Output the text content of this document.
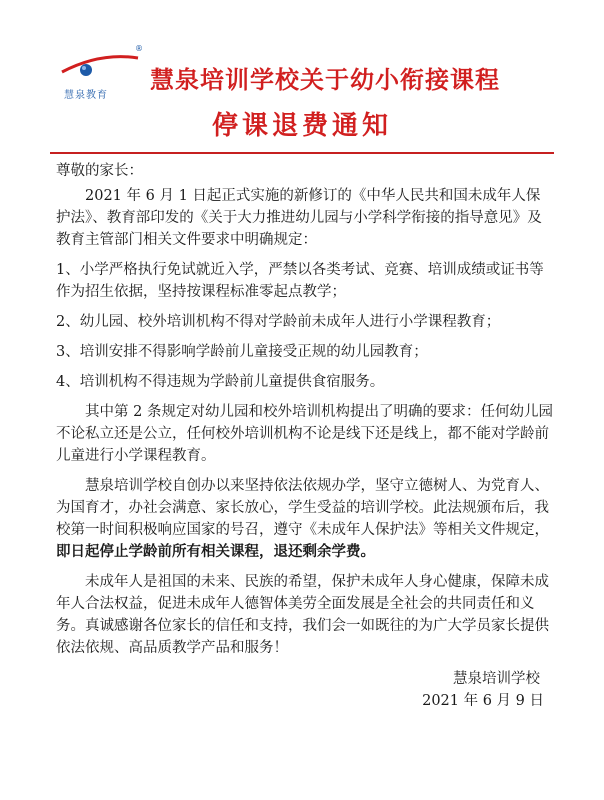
慧泉教育
®
慧泉培训学校关于幼小衔接课程
停课退费通知

尊敬的家长：

2021 年 6 月 1 日起正式实施的新修订的《中华人民共和国未成年人保护法》、教育部印发的《关于大力推进幼儿园与小学科学衔接的指导意见》及教育主管部门相关文件要求中明确规定：

1、小学严格执行免试就近入学，严禁以各类考试、竞赛、培训成绩或证书等作为招生依据，坚持按课程标准零起点教学；

2、幼儿园、校外培训机构不得对学龄前未成年人进行小学课程教育；

3、培训安排不得影响学龄前儿童接受正规的幼儿园教育；

4、培训机构不得违规为学龄前儿童提供食宿服务。

其中第 2 条规定对幼儿园和校外培训机构提出了明确的要求：任何幼儿园不论私立还是公立，任何校外培训机构不论是线下还是线上，都不能对学龄前儿童进行小学课程教育。

慧泉培训学校自创办以来坚持依法依规办学，坚守立德树人、为党育人、为国育才，办社会满意、家长放心，学生受益的培训学校。此法规颁布后，我校第一时间积极响应国家的号召，遵守《未成年人保护法》等相关文件规定，即日起停止学龄前所有相关课程，退还剩余学费。

未成年人是祖国的未来、民族的希望，保护未成年人身心健康，保障未成年人合法权益，促进未成年人德智体美劳全面发展是全社会的共同责任和义务。真诚感谢各位家长的信任和支持，我们会一如既往的为广大学员家长提供依法依规、高品质教学产品和服务！

慧泉培训学校
2021 年 6 月 9 日
